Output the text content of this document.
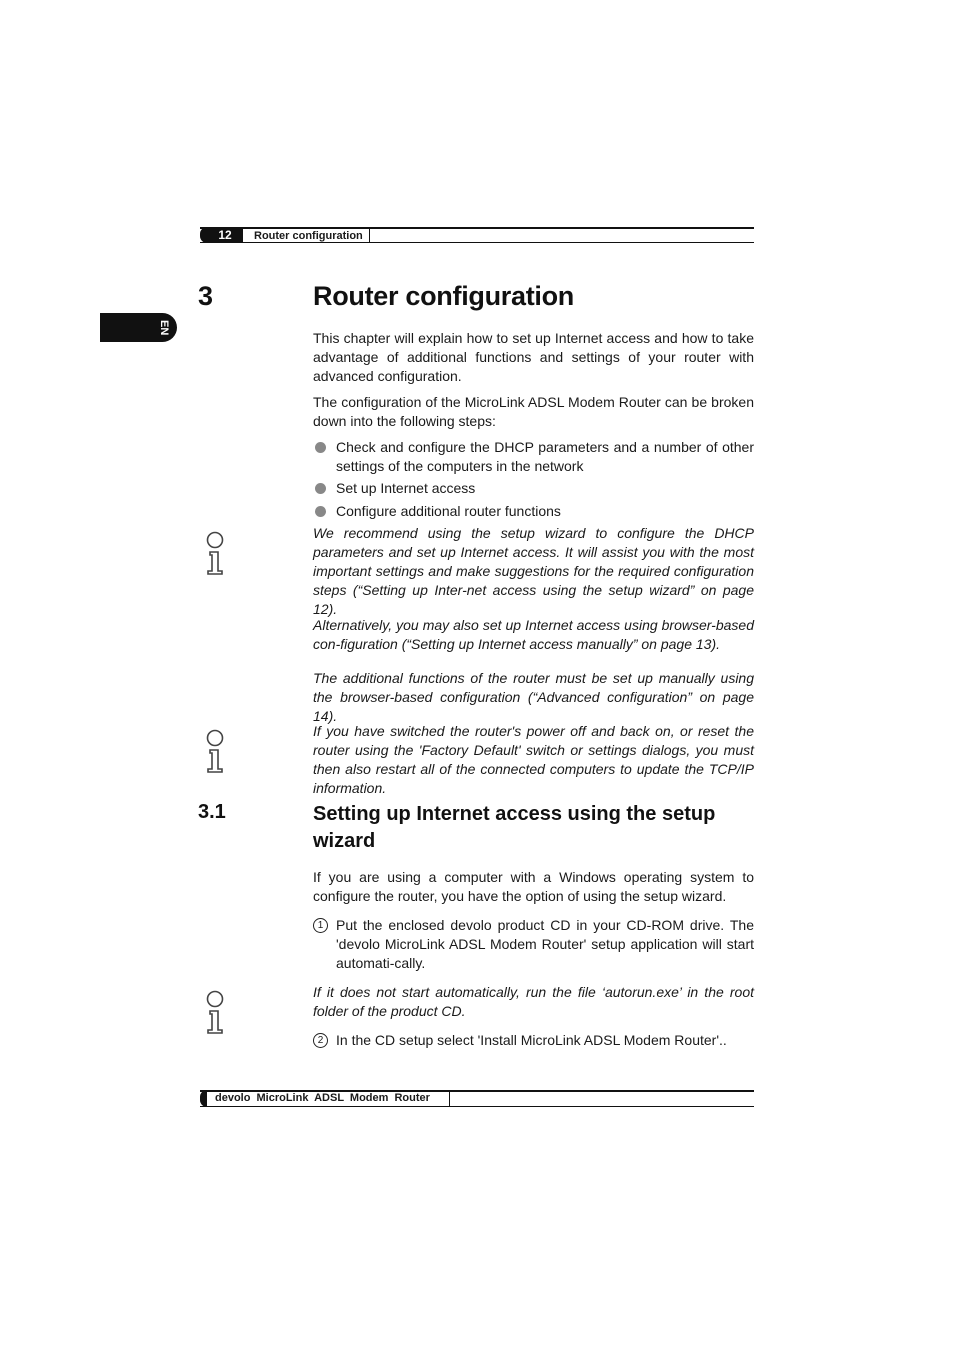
12	Router configuration
EN
3	Router configuration
This chapter will explain how to set up Internet access and how to take advantage of additional functions and settings of your router with advanced configuration.
The configuration of the MicroLink ADSL Modem Router can be broken down into the following steps:
Check and configure the DHCP parameters and a number of other settings of the computers in the network
Set up Internet access
Configure additional router functions
We recommend using the setup wizard to configure the DHCP parameters and set up Internet access. It will assist you with the most important settings and make suggestions for the required configuration steps (“Setting up Inter-net access using the setup wizard” on page 12).
Alternatively, you may also set up Internet access using browser-based con-figuration (“Setting up Internet access manually” on page 13).
The additional functions of the router must be set up manually using the browser-based configuration (“Advanced configuration” on page 14).
If you have switched the router's power off and back on, or reset the router using the 'Factory Default' switch or settings dialogs, you must then also restart all of the connected computers to update the TCP/IP information.
3.1	Setting up Internet access using the setup wizard
If you are using a computer with a Windows operating system to configure the router, you have the option of using the setup wizard.
1 Put the enclosed devolo product CD in your CD-ROM drive. The 'devolo MicroLink ADSL Modem Router' setup application will start automati-cally.
If it does not start automatically, run the file ‘autorun.exe’ in the root folder of the product CD.
2 In the CD setup select 'Install MicroLink ADSL Modem Router'..
devolo MicroLink ADSL Modem Router
